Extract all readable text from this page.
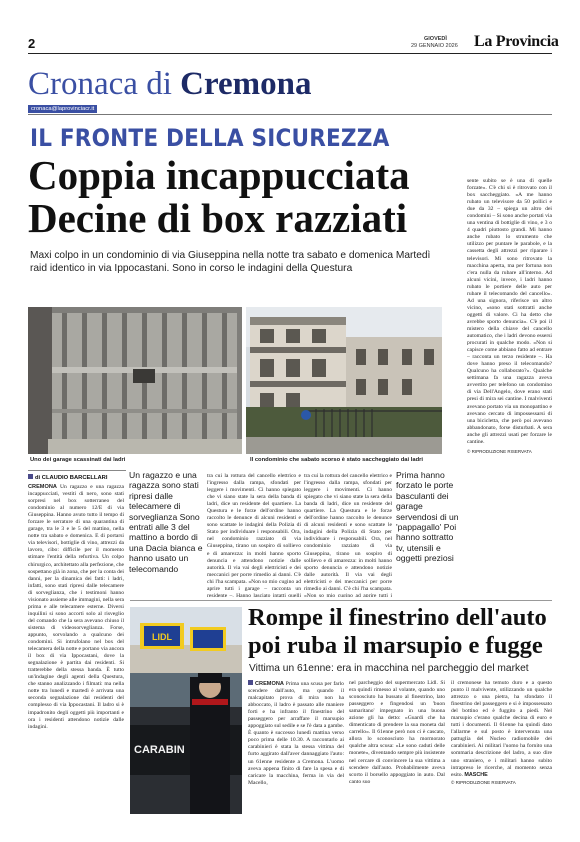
2	GIOVEDÌ
29 GENNAIO 2026 La Provincia
Cronaca di Cremona
cronaca@laprovinciacr.it
IL FRONTE DELLA SICUREZZA
Coppia incappucciata
Decine di box razziati
Maxi colpo in un condominio di via Giuseppina nella notte tra sabato e domenica Martedì raid identico in via Ippocastani. Sono in corso le indagini della Questura
Uno dei garage scassinati dai ladri	Il condominio che sabato scorso è stato saccheggiato dai ladri
di CLAUDIO BARCELLARI
CREMONA Un ragazzo e una ragazza incappucciati, vestiti di nero, sono stati sorpresi nel box sotterraneo del condominio al numero 12/E di via Giuseppina. Hanno avuto tutto il tempo di forzare le serrature di una quarantina di garage, tra le 3 e le 5 del mattino, nella notte tra sabato e domenica. E di portarsi via televisori, bottiglie di vino, attrezzi da lavoro, cibo: difficile per il momento stimare l'entità della refurtiva. Un colpo chirurgico, architettato alla perfezione, che sospettano già in zona, che per la conta dei danni, per la dinamica dei fatti: i ladri, infatti, sono stati ripresi dalle telecamere di sorveglianza, che i testimoni hanno visionato assieme alle immagini, nella sera prima e alle telecamere esterne. Diversi inquilini si sono accorti solo al risveglio del comando che la sera avevano chiuso il sistema di videosorveglianza. Forse, appunto, sorvolando a qualcuno dei condomini. Si intrufolano nel box del telecamera della notte e portano via ancora il box di via Ippocastani, dove la segnalazione è partita dai residenti. Si tratterebbe della stessa banda. È tutto un'indagine degli agenti della Questura, che stanno analizzando i filmati: ma nella notte tra lunedì e martedì è arrivata una seconda segnalazione dai residenti del complesso di via Ippocastani. Il ladro si è impadronito degli oggetti più importanti e ora i residenti attendono notizie dalle indagini.
Un ragazzo e una ragazza sono stati ripresi dalle telecamere di sorveglianza Sono entrati alle 3 del mattino a bordo di una Dacia bianca e hanno usato un telecomando
tra cui la rottura del cancello elettrico e l'ingresso dalla rampa, sfondati per leggere i movimenti. Ci hanno spiegato che vi siano state la sera della banda di ladri, dice un residente del quartiere. La Questura e le forze dell'ordine hanno raccolto le denunce di alcuni residenti e sono scattate le indagini della Polizia di Stato per individuare i responsabili. Ora, nel condominio razziato di via Giuseppina, tirano un sospiro di sollievo e di amarezza: in molti hanno sporto denuncia e attendono notizie dalle autorità. Il via vai degli elettricisti e dei meccanici per porre rimedio ai danni. C'è chi l'ha scampata. «Non so mio cugino ad aprire tutti i garage – racconta un residente –. Hanno lasciato intatti quelli
tra cui la rottura del cancello elettrico e l'ingresso dalla rampa, sfondati per leggere i movimenti. Ci hanno spiegato che vi siano state la sera della banda di ladri, dice un residente del quartiere. La Questura e le forze dell'ordine hanno raccolto le denunce di alcuni residenti e sono scattate le indagini della Polizia di Stato per individuare i responsabili. Ora, nel condominio razziato di via Giuseppina, tirano un sospiro di sollievo e di amarezza: in molti hanno sporto denuncia e attendono notizie dalle autorità. Il via vai degli elettricisti e dei meccanici per porre rimedio ai danni. C'è chi l'ha scampata. «Non so mio cugino ad aprire tutti i
Prima hanno forzato le porte basculanti dei garage servendosi di un 'pappagallo' Poi hanno sottratto tv, utensili e oggetti preziosi
sente subito se è una di quelle forzate». C'è chi si è ritrovato con il box saccheggiato. «A me hanno rubato un televisore da 50 pollici e due da 32 – spiega un altro dei condomini – Si sono anche portati via una ventina di bottiglie di vino, e 3 o 4 quadri piuttosto grandi. Mi hanno anche rubato lo strumento che utilizzo per puntare le parabole, e la cassetta degli attrezzi per riparare i televisori. Mi sono ritrovato la macchina aperta, ma per fortuna non c'era nulla da rubare all'interno. Ad alcuni vicini, invece, i ladri hanno rubato le portiere delle auto per rubare il telecomando del cancello». Ad una signora, riferisce un altro vicino, «sono stati sottratti anche oggetti di valore. Ci ha detto che avrebbe sporto denuncia». C'è poi il mistero della chiave del cancello automatico, che i ladri devono essersi procurati in qualche modo. «Non si capisce come abbiano fatto ad entrare – racconta un terzo residente –. Ha dove hanno preso il telecomando? Qualcuno ha collaborato?». Qualche settimana fa una ragazza aveva avvertito per telefono un condomino di via Dell'Angelo, dove erano stati presi di mira sei cantine. I malviventi avevano portato via un monopattino e avevano cercato di impossessarsi di una bicicletta, che però poi avevano abbandonato, forse disturbati. A sera anche gli attrezzi usati per forzare le cantine.
© RIPRODUZIONE RISERVATA
LIDL
CARABIN
Rompe il finestrino dell'auto
poi ruba il marsupio e fugge
Vittima un 61enne: era in macchina nel parcheggio del market
CREMONA Prima una scusa per farlo scendere dall'auto, ma quando il malcapitato prova di mira non ha abboccato, il ladro è passato alle maniere forti e ha infranto il finestrino del passeggero per arraffare il marsupio appoggiato sul sedile e se l'è data a gambe. È quanto è successo lunedì mattina verso poco prima delle 10.30. A raccontarlo ai carabinieri è stata la stessa vittima del furto aggirato dall'aver dannaggiato l'auto: un 61enne residente a Cremona. L'uomo aveva appena finito di fare la spesa e di caricare la macchina, ferma in via del Macello,
nel parcheggio del supermercato Lidl. Si era quindi rimesso al volante, quando uno sconosciuto ha bussato al finestrino, lato passeggero e fingendosi un 'buon samaritano' impegnato in una buona azione gli ha detto: «Guardi che ha dimenticato di prendere la sua moneta dal carrello». Il 61enne però non ci è cascato, allora lo sconosciuto ha mormorato qualche altra scusa: «Le sono caduti delle monete», diventando sempre più insistente nel cercare di convincere la sua vittima a scendere dall'auto. Probabilmente aveva scorto il borsello appoggiato in auto. Dal canto suo
il cremonese ha temuto duro e a questo punto il malvivente, utilizzando un qualche attrezzo o una pietra, ha sfondato il finestrino del passeggero e si è impossessato del bottino ed è fuggito a piedi. Nel marsupio c'erano qualche decina di euro e tutti i documenti. Il 61enne ha quindi dato l'allarme e sul posto è intervenuta una pattuglia del Nucleo radiomobile dei carabinieri. Ai militari l'uomo ha fornito una sommaria descrizione del ladro, a suo dire uno straniero, e i militari hanno subito intrapreso le ricerche, al momento senza esito. MASCHE
© RIPRODUZIONE RISERVATA
